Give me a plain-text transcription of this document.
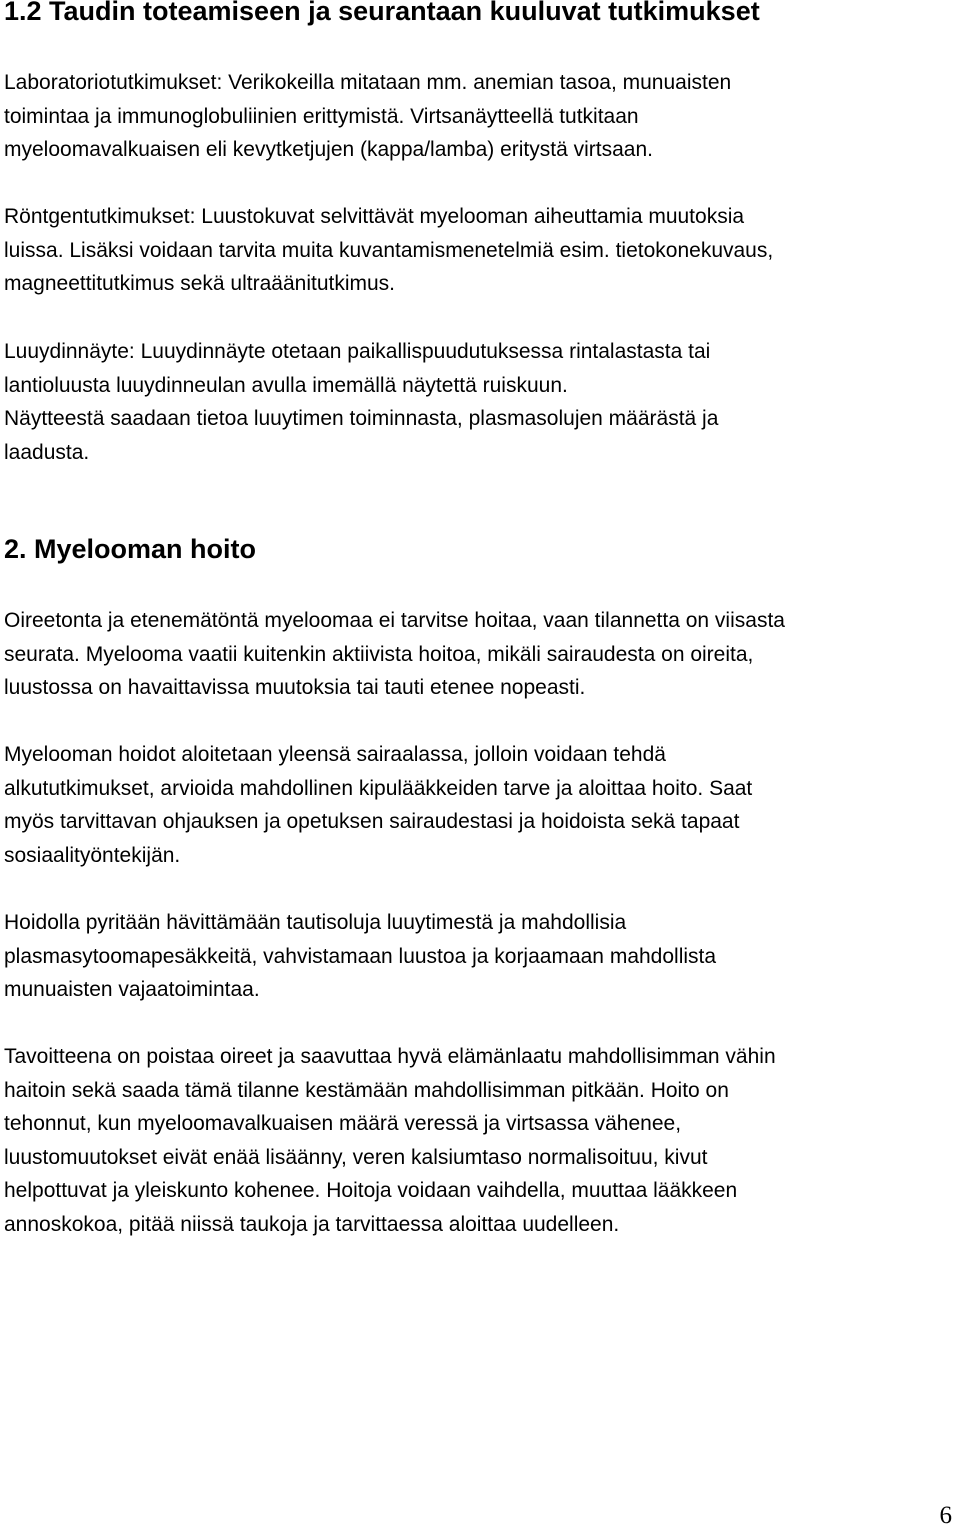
1.2 Taudin toteamiseen ja seurantaan kuuluvat tutkimukset

Laboratoriotutkimukset: Verikokeilla mitataan mm. anemian tasoa, munuaisten
toimintaa ja immunoglobuliinien erittymistä. Virtsanäytteellä tutkitaan
myeloomavalkuaisen eli kevytketjujen (kappa/lamba) eritystä virtsaan.

Röntgentutkimukset: Luustokuvat selvittävät myelooman aiheuttamia muutoksia
luissa. Lisäksi voidaan tarvita muita kuvantamismenetelmiä esim. tietokonekuvaus,
magneettitutkimus sekä ultraäänitutkimus.

Luuydinnäyte: Luuydinnäyte otetaan paikallispuudutuksessa rintalastasta tai
lantioluusta luuydinneulan avulla imemällä näytettä ruiskuun.
Näytteestä saadaan tietoa luuytimen toiminnasta, plasmasolujen määrästä ja
laadusta.

2. Myelooman hoito

Oireetonta ja etenemätöntä myeloomaa ei tarvitse hoitaa, vaan tilannetta on viisasta
seurata. Myelooma vaatii kuitenkin aktiivista hoitoa, mikäli sairaudesta on oireita,
luustossa on havaittavissa muutoksia tai tauti etenee nopeasti.

Myelooman hoidot aloitetaan yleensä sairaalassa, jolloin voidaan tehdä
alkututkimukset, arvioida mahdollinen kipulääkkeiden tarve ja aloittaa hoito. Saat
myös tarvittavan ohjauksen ja opetuksen sairaudestasi ja hoidoista sekä tapaat
sosiaalityöntekijän.

Hoidolla pyritään hävittämään tautisoluja luuytimestä ja mahdollisia
plasmasytoomapesäkkeitä, vahvistamaan luustoa ja korjaamaan mahdollista
munuaisten vajaatoimintaa.

Tavoitteena on poistaa oireet ja saavuttaa hyvä elämänlaatu mahdollisimman vähin
haitoin sekä saada tämä tilanne kestämään mahdollisimman pitkään. Hoito on
tehonnut, kun myeloomavalkuaisen määrä veressä ja virtsassa vähenee,
luustomuutokset eivät enää lisäänny, veren kalsiumtaso normalisoituu, kivut
helpottuvat ja yleiskunto kohenee. Hoitoja voidaan vaihdella, muuttaa lääkkeen
annoskokoa, pitää niissä taukoja ja tarvittaessa aloittaa uudelleen.

6
